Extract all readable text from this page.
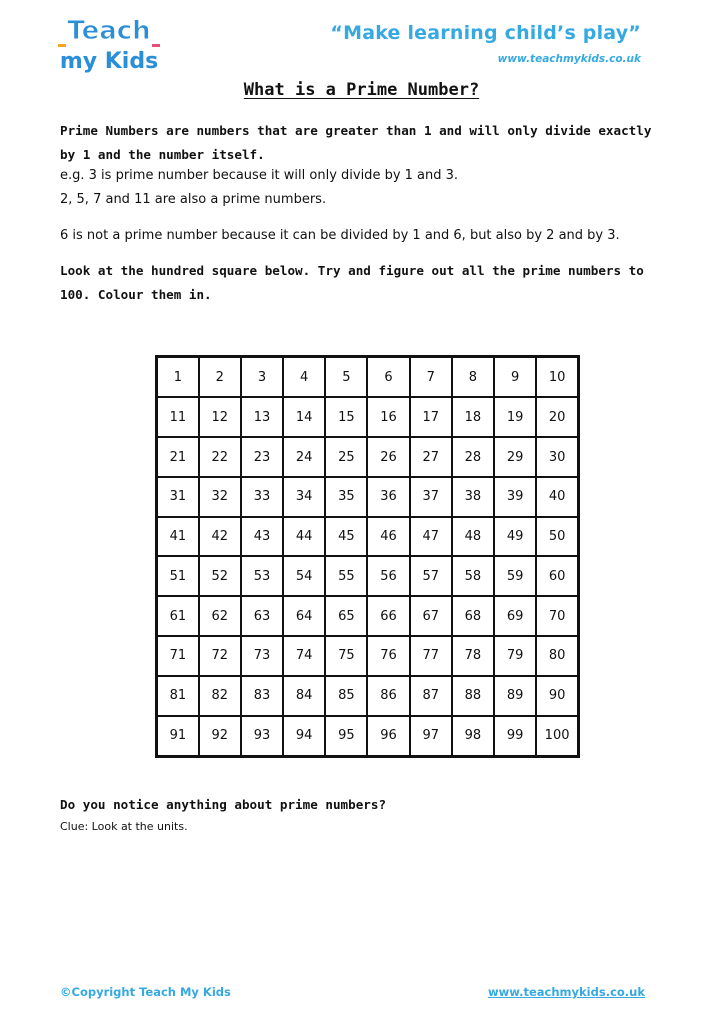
Teach
my Kids
“Make learning child’s play”
www.teachmykids.co.uk
What is a Prime Number?

Prime Numbers are numbers that are greater than 1 and will only divide exactly by 1 and the number itself.

e.g. 3 is prime number because it will only divide by 1 and 3.

2, 5, 7 and 11 are also a prime numbers.

6 is not a prime number because it can be divided by 1 and 6, but also by 2 and by 3.

Look at the hundred square below. Try and figure out all the prime numbers to 100. Colour them in.

1	2	3	4	5	6	7	8	9	10
11	12	13	14	15	16	17	18	19	20
21	22	23	24	25	26	27	28	29	30
31	32	33	34	35	36	37	38	39	40
41	42	43	44	45	46	47	48	49	50
51	52	53	54	55	56	57	58	59	60
61	62	63	64	65	66	67	68	69	70
71	72	73	74	75	76	77	78	79	80
81	82	83	84	85	86	87	88	89	90
91	92	93	94	95	96	97	98	99	100

Do you notice anything about prime numbers?

Clue: Look at the units.

©Copyright Teach My Kids	www.teachmykids.co.uk
